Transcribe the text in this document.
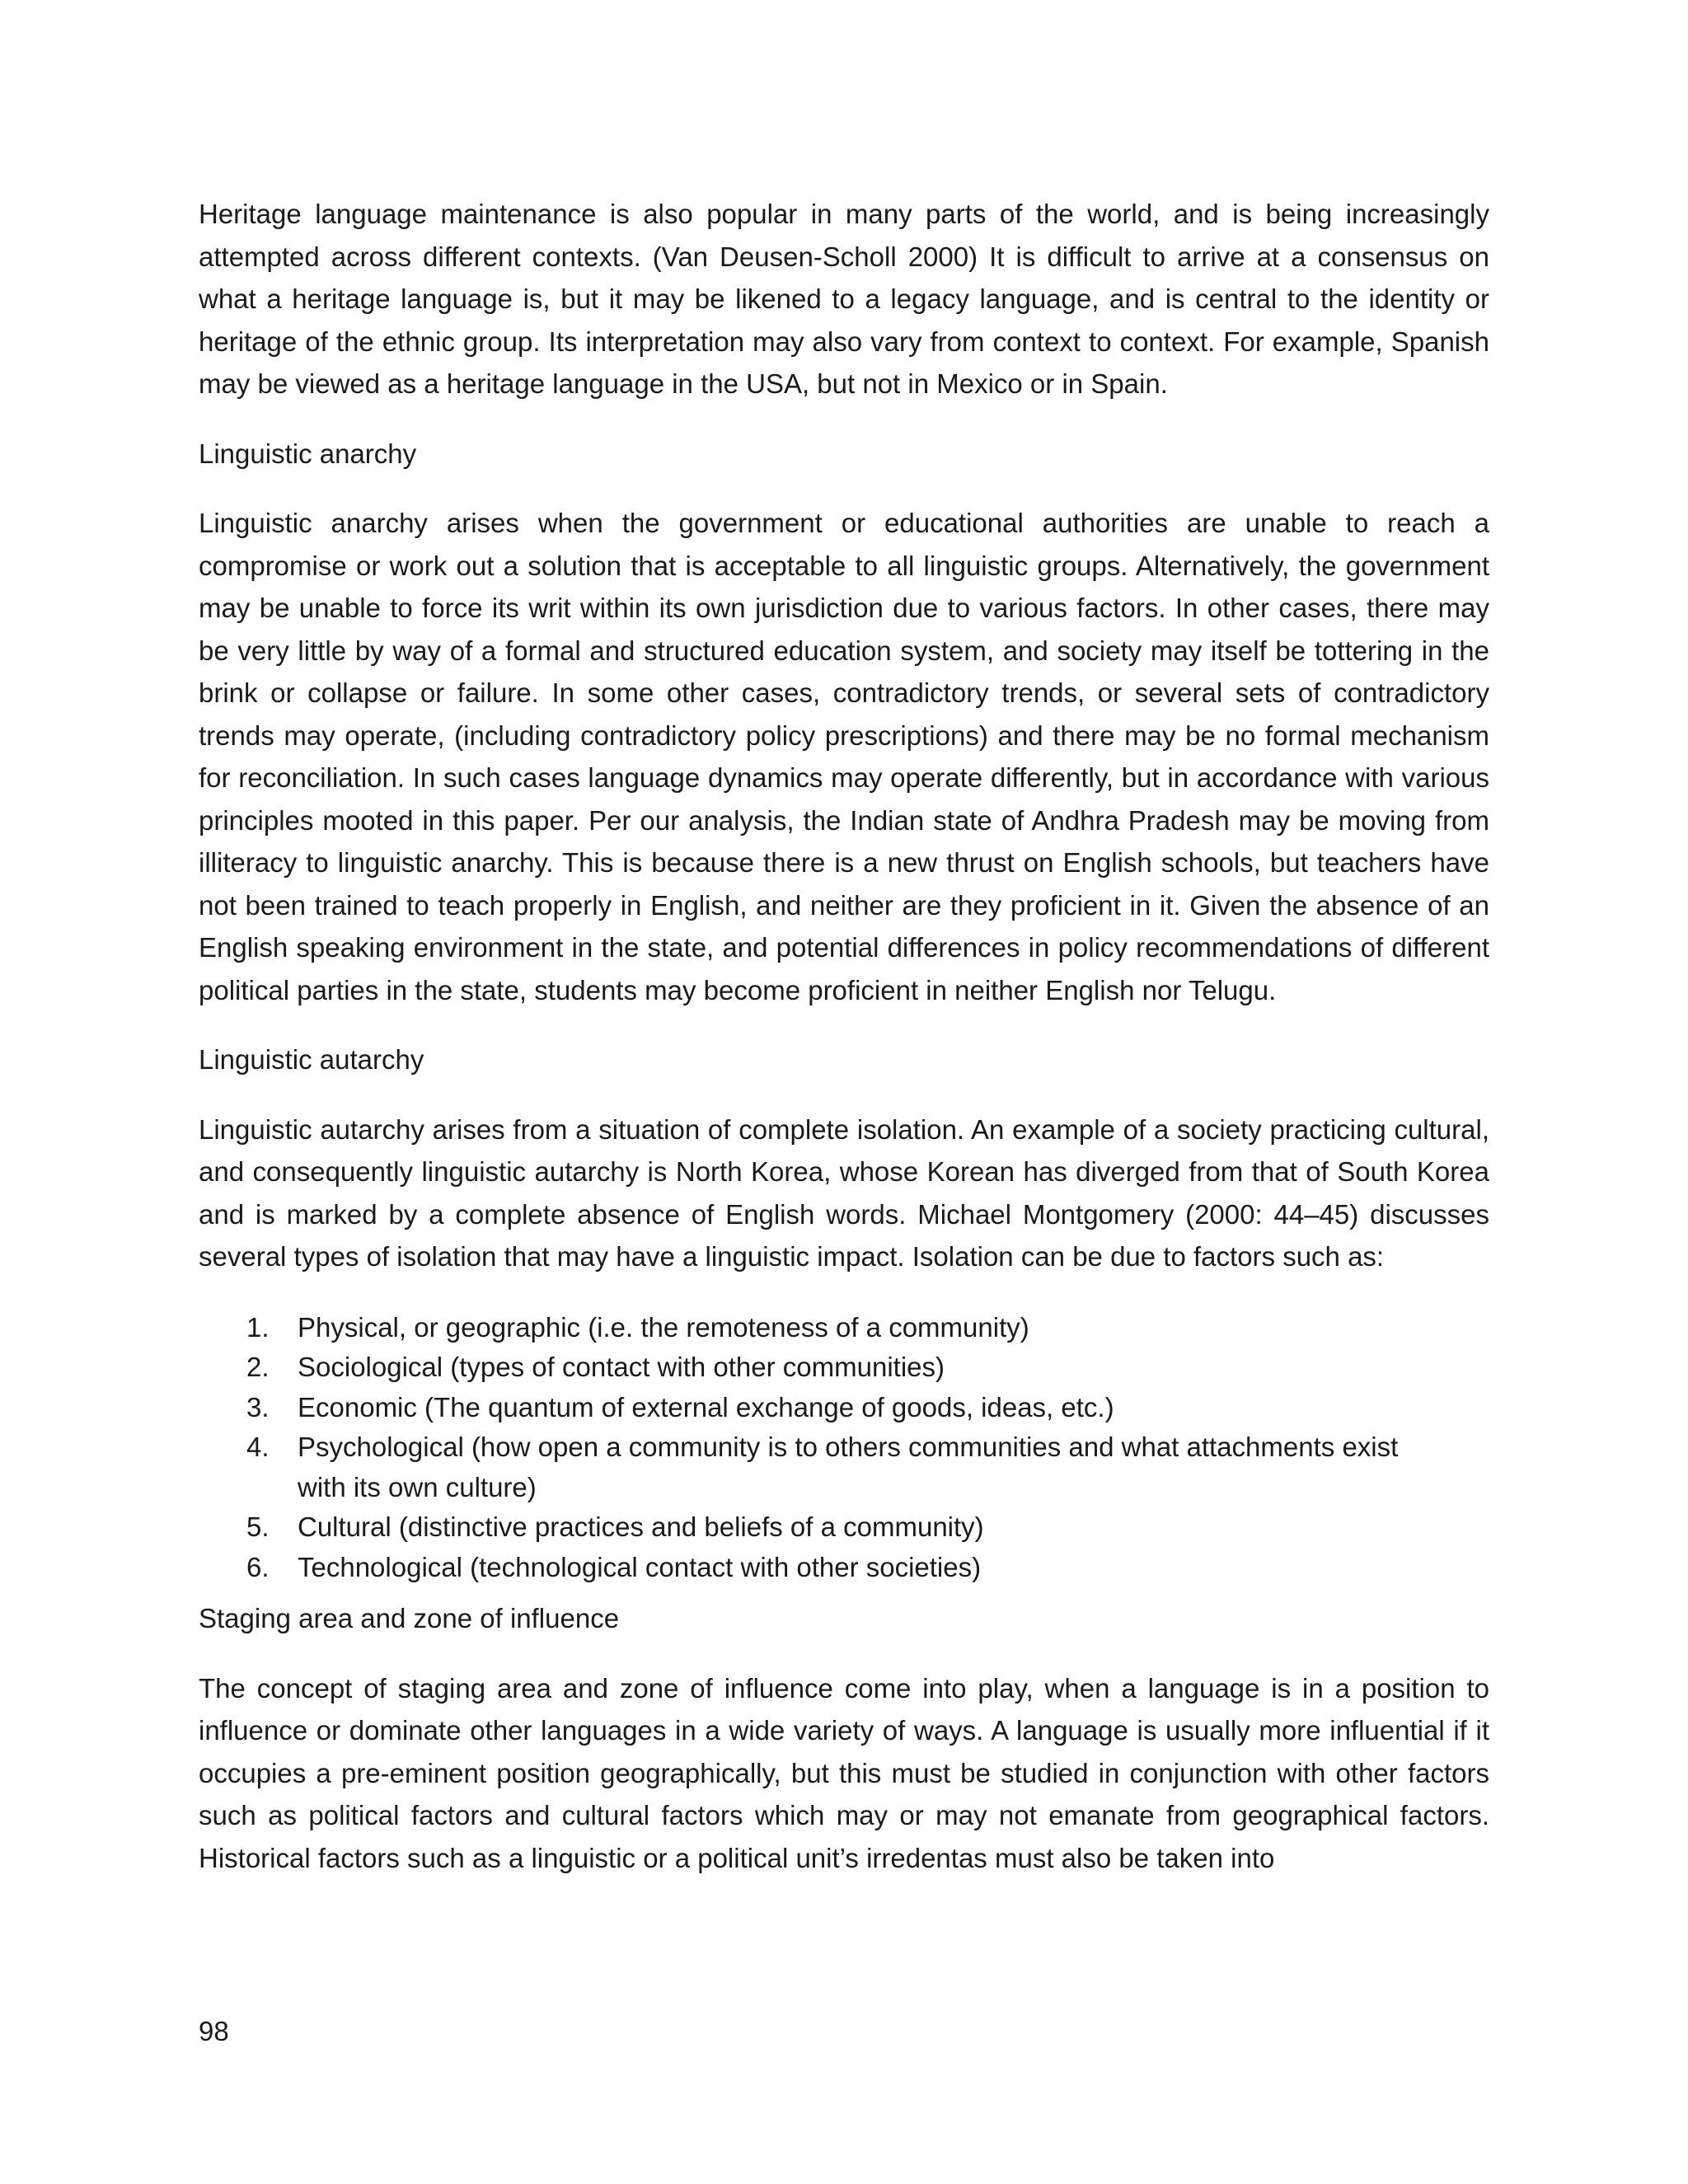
Heritage language maintenance is also popular in many parts of the world, and is being increasingly attempted across different contexts. (Van Deusen-Scholl 2000) It is difficult to arrive at a consensus on what a heritage language is, but it may be likened to a legacy language, and is central to the identity or heritage of the ethnic group. Its interpretation may also vary from context to context. For example, Spanish may be viewed as a heritage language in the USA, but not in Mexico or in Spain.

Linguistic anarchy

Linguistic anarchy arises when the government or educational authorities are unable to reach a compromise or work out a solution that is acceptable to all linguistic groups. Alternatively, the government may be unable to force its writ within its own jurisdiction due to various factors. In other cases, there may be very little by way of a formal and structured education system, and society may itself be tottering in the brink or collapse or failure. In some other cases, contradictory trends, or several sets of contradictory trends may operate, (including contradictory policy prescriptions) and there may be no formal mechanism for reconciliation. In such cases language dynamics may operate differently, but in accordance with various principles mooted in this paper. Per our analysis, the Indian state of Andhra Pradesh may be moving from illiteracy to linguistic anarchy. This is because there is a new thrust on English schools, but teachers have not been trained to teach properly in English, and neither are they proficient in it. Given the absence of an English speaking environment in the state, and potential differences in policy recommendations of different political parties in the state, students may become proficient in neither English nor Telugu.

Linguistic autarchy

Linguistic autarchy arises from a situation of complete isolation. An example of a society practicing cultural, and consequently linguistic autarchy is North Korea, whose Korean has diverged from that of South Korea and is marked by a complete absence of English words. Michael Montgomery (2000: 44–45) discusses several types of isolation that may have a linguistic impact. Isolation can be due to factors such as:

1. Physical, or geographic (i.e. the remoteness of a community)
2. Sociological (types of contact with other communities)
3. Economic (The quantum of external exchange of goods, ideas, etc.)
4. Psychological (how open a community is to others communities and what attachments exist with its own culture)
5. Cultural (distinctive practices and beliefs of a community)
6. Technological (technological contact with other societies)

Staging area and zone of influence

The concept of staging area and zone of influence come into play, when a language is in a position to influence or dominate other languages in a wide variety of ways. A language is usually more influential if it occupies a pre-eminent position geographically, but this must be studied in conjunction with other factors such as political factors and cultural factors which may or may not emanate from geographical factors. Historical factors such as a linguistic or a political unit’s irredentas must also be taken into

98
